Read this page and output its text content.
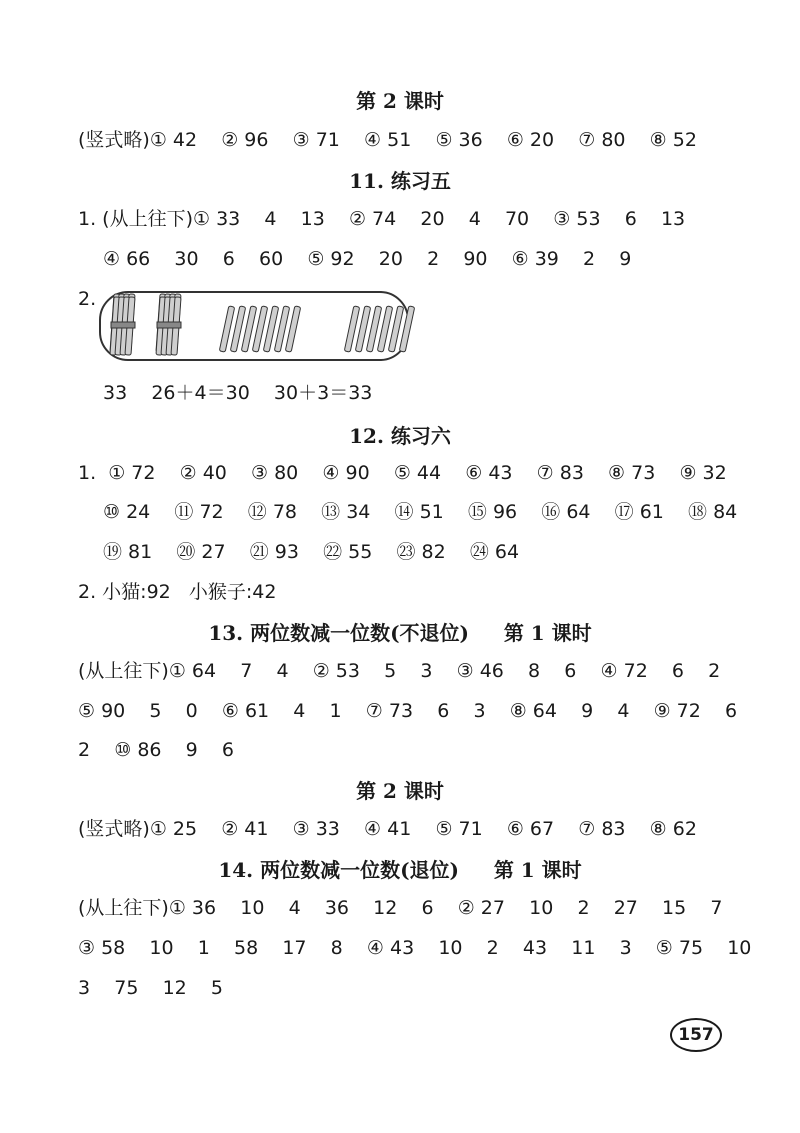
第 2 课时
(竖式略)① 42    ② 96    ③ 71    ④ 51    ⑤ 36    ⑥ 20    ⑦ 80    ⑧ 52
11. 练习五
1. (从上往下)① 33    4    13    ② 74    20    4    70    ③ 53    6    13
④ 66    30    6    60    ⑤ 92    20    2    90    ⑥ 39    2    9
2.
33    26＋4＝30    30＋3＝33
12. 练习六
1.  ① 72    ② 40    ③ 80    ④ 90    ⑤ 44    ⑥ 43    ⑦ 83    ⑧ 73    ⑨ 32
⑩ 24    ⑪ 72    ⑫ 78    ⑬ 34    ⑭ 51    ⑮ 96    ⑯ 64    ⑰ 61    ⑱ 84
⑲ 81    ⑳ 27    ㉑ 93    ㉒ 55    ㉓ 82    ㉔ 64
2. 小猫:92   小猴子:42
13. 两位数减一位数(不退位)     第 1 课时
(从上往下)① 64    7    4    ② 53    5    3    ③ 46    8    6    ④ 72    6    2
⑤ 90    5    0    ⑥ 61    4    1    ⑦ 73    6    3    ⑧ 64    9    4    ⑨ 72    6
2    ⑩ 86    9    6
第 2 课时
(竖式略)① 25    ② 41    ③ 33    ④ 41    ⑤ 71    ⑥ 67    ⑦ 83    ⑧ 62
14. 两位数减一位数(退位)     第 1 课时
(从上往下)① 36    10    4    36    12    6    ② 27    10    2    27    15    7
③ 58    10    1    58    17    8    ④ 43    10    2    43    11    3    ⑤ 75    10
3    75    12    5
157
